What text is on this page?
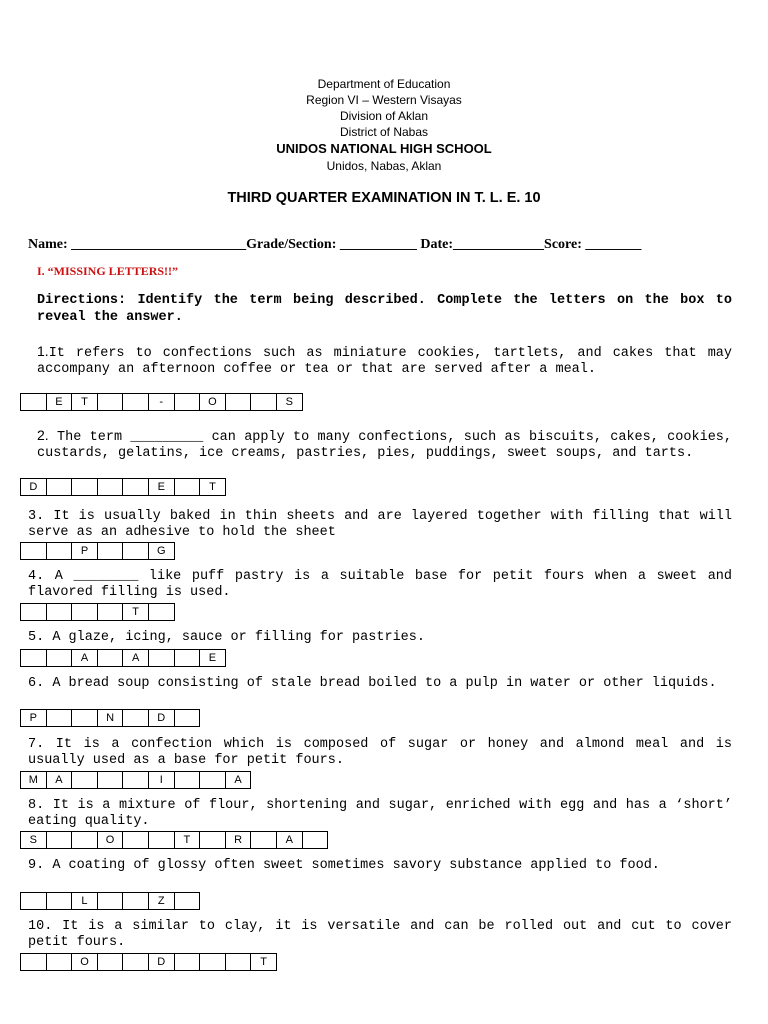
Department of Education
Region VI – Western Visayas
Division of Aklan
District of Nabas
UNIDOS NATIONAL HIGH SCHOOL
Unidos, Nabas, Aklan
THIRD QUARTER EXAMINATION IN T. L. E. 10
Name: _________________________Grade/Section: ___________ Date:_____________Score: ________
I. “MISSING LETTERS!!”
Directions: Identify the term being described. Complete the letters on the box to reveal the answer.
1.It refers to confections such as miniature cookies, tartlets, and cakes that may accompany an afternoon coffee or tea or that are served after a meal.
E	T	-	O	S
2. The term _________ can apply to many confections, such as biscuits, cakes, cookies, custards, gelatins, ice creams, pastries, pies, puddings, sweet soups, and tarts.
D	E	T
3. It is usually baked in thin sheets and are layered together with filling that will serve as an adhesive to hold the sheet
P	G
4. A ________ like puff pastry is a suitable base for petit fours when a sweet and flavored filling is used.
T
5. A glaze, icing, sauce or filling for pastries.
A	A	E
6. A bread soup consisting of stale bread boiled to a pulp in water or other liquids.
P	N	D
7. It is a confection which is composed of sugar or honey and almond meal and is usually used as a base for petit fours.
M	A	I	A
8. It is a mixture of flour, shortening and sugar, enriched with egg and has a ‘short’ eating quality.
S	O	T	R	A
9. A coating of glossy often sweet sometimes savory substance applied to food.
L	Z
10. It is a similar to clay, it is versatile and can be rolled out and cut to cover petit fours.
O	D	T
